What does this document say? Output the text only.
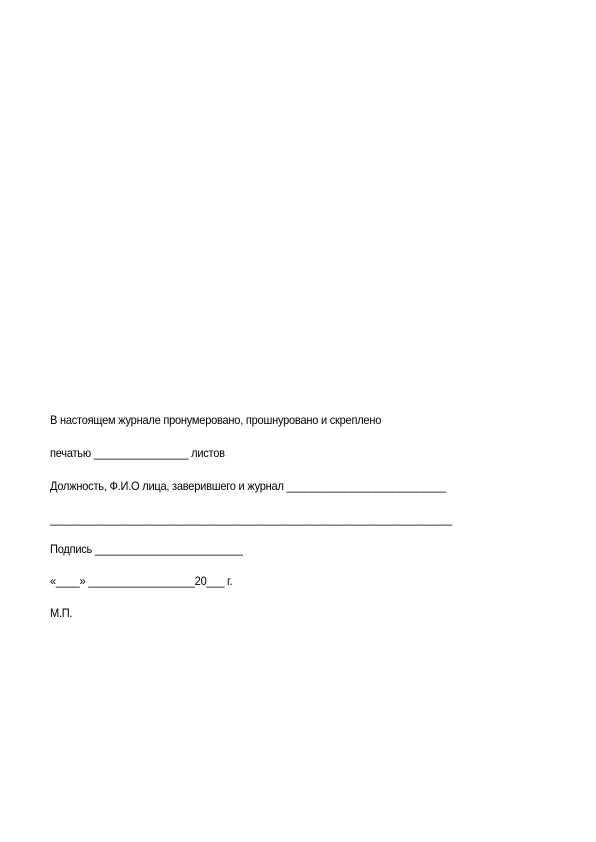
В настоящем журнале пронумеровано, прошнуровано и скреплено
печатью ________________ листов
Должность, Ф.И.О лица, заверившего и журнал ___________________________
____________________________________________________________________
Подпись _________________________
«____» __________________20___ г.
М.П.
